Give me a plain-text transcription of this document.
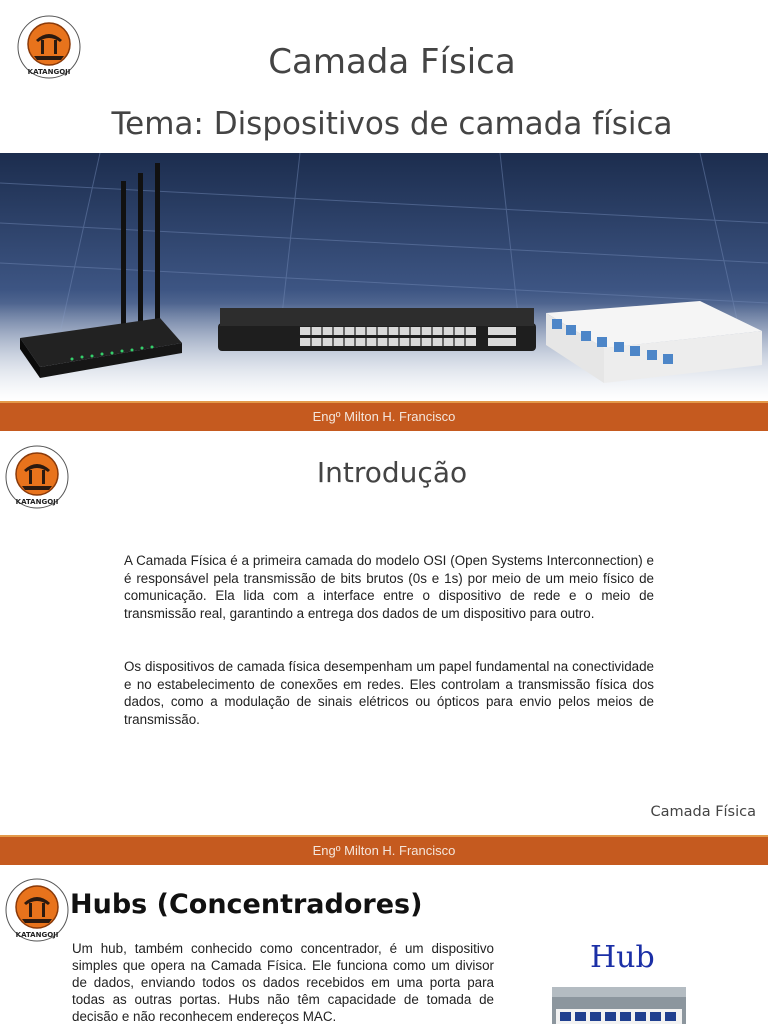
KATANGOJI	Camada Física
Tema: Dispositivos de camada física
Engº Milton H. Francisco
KATANGOJI
Introdução

A Camada Física é a primeira camada do modelo OSI (Open Systems Interconnection) e é responsável pela transmissão de bits brutos (0s e 1s) por meio de um meio físico de comunicação. Ela lida com a interface entre o dispositivo de rede e o meio de transmissão real, garantindo a entrega dos dados de um dispositivo para outro.

Os dispositivos de camada física desempenham um papel fundamental na conectividade e no estabelecimento de conexões em redes. Eles controlam a transmissão física dos dados, como a modulação de sinais elétricos ou ópticos para envio pelos meios de transmissão.

Camada Física
Engº Milton H. Francisco
KATANGOJI
Hubs (Concentradores)

Um hub, também conhecido como concentrador, é um dispositivo simples que opera na Camada Física. Ele funciona como um divisor de dados, enviando todos os dados recebidos em uma porta para todas as outras portas. Hubs não têm capacidade de tomada de decisão e não reconhecem endereços MAC.

Hub
